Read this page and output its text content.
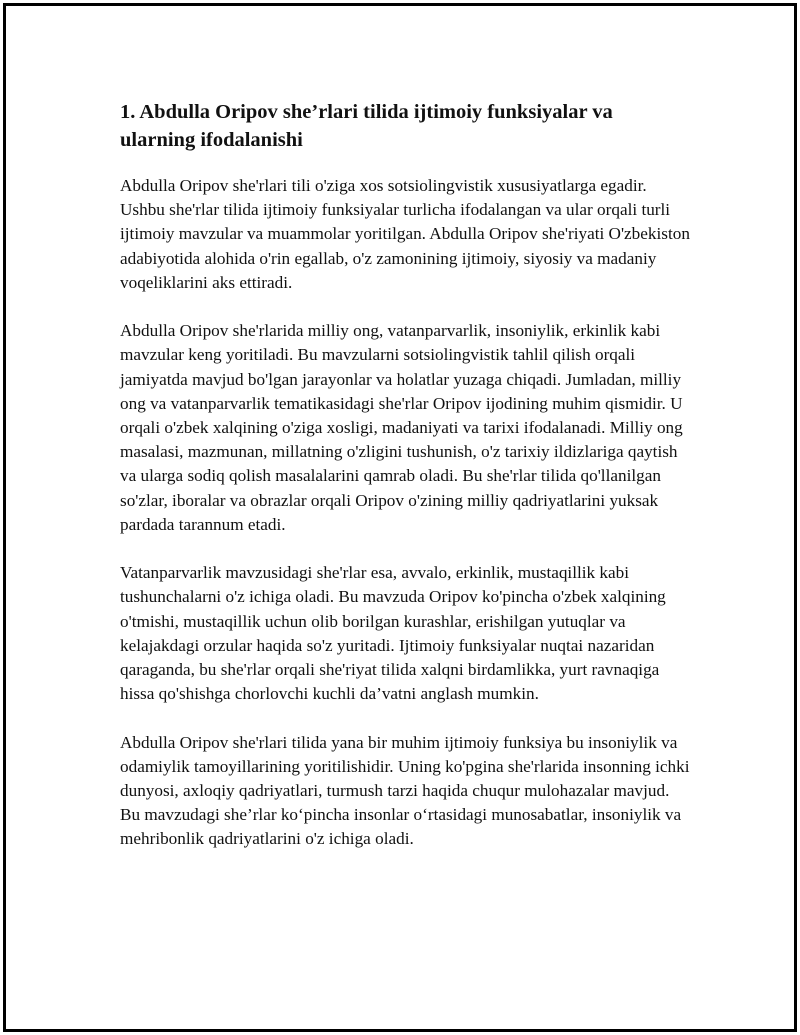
1. Abdulla Oripov she’rlari tilida ijtimoiy funksiyalar va ularning ifodalanishi

Abdulla Oripov she'rlari tili o'ziga xos sotsiolingvistik xususiyatlarga egadir. Ushbu she'rlar tilida ijtimoiy funksiyalar turlicha ifodalangan va ular orqali turli ijtimoiy mavzular va muammolar yoritilgan. Abdulla Oripov she'riyati O'zbekiston adabiyotida alohida o'rin egallab, o'z zamonining ijtimoiy, siyosiy va madaniy voqeliklarini aks ettiradi.

Abdulla Oripov she'rlarida milliy ong, vatanparvarlik, insoniylik, erkinlik kabi mavzular keng yoritiladi. Bu mavzularni sotsiolingvistik tahlil qilish orqali jamiyatda mavjud bo'lgan jarayonlar va holatlar yuzaga chiqadi. Jumladan, milliy ong va vatanparvarlik tematikasidagi she'rlar Oripov ijodining muhim qismidir. U orqali o'zbek xalqining o'ziga xosligi, madaniyati va tarixi ifodalanadi. Milliy ong masalasi, mazmunan, millatning o'zligini tushunish, o'z tarixiy ildizlariga qaytish va ularga sodiq qolish masalalarini qamrab oladi. Bu she'rlar tilida qo'llanilgan so'zlar, iboralar va obrazlar orqali Oripov o'zining milliy qadriyatlarini yuksak pardada tarannum etadi.

Vatanparvarlik mavzusidagi she'rlar esa, avvalo, erkinlik, mustaqillik kabi tushunchalarni o'z ichiga oladi. Bu mavzuda Oripov ko'pincha o'zbek xalqining o'tmishi, mustaqillik uchun olib borilgan kurashlar, erishilgan yutuqlar va kelajakdagi orzular haqida so'z yuritadi. Ijtimoiy funksiyalar nuqtai nazaridan qaraganda, bu she'rlar orqali she'riyat tilida xalqni birdamlikka, yurt ravnaqiga hissa qo'shishga chorlovchi kuchli da’vatni anglash mumkin.

Abdulla Oripov she'rlari tilida yana bir muhim ijtimoiy funksiya bu insoniylik va odamiylik tamoyillarining yoritilishidir. Uning ko'pgina she'rlarida insonning ichki dunyosi, axloqiy qadriyatlari, turmush tarzi haqida chuqur mulohazalar mavjud. Bu mavzudagi she’rlar ko‘pincha insonlar o‘rtasidagi munosabatlar, insoniylik va mehribonlik qadriyatlarini o'z ichiga oladi.
